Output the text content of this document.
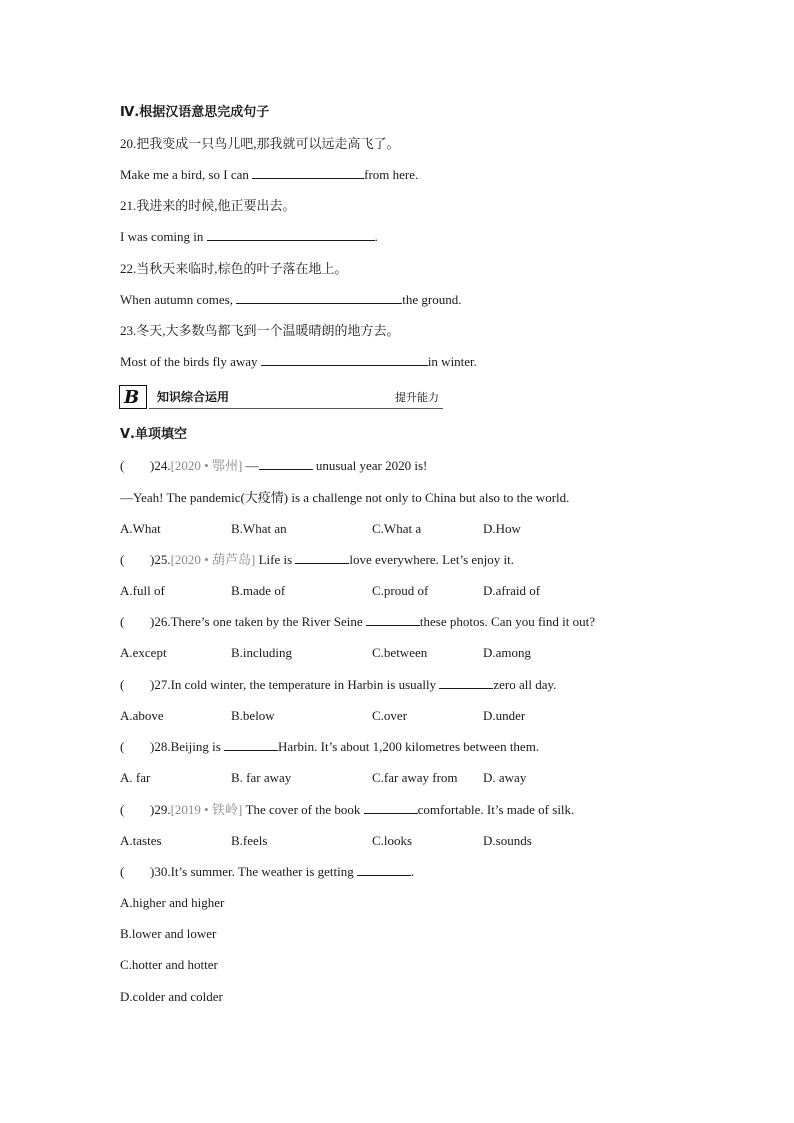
Ⅳ.根据汉语意思完成句子
20.把我变成一只鸟儿吧,那我就可以远走高飞了。
Make me a bird, so I can	from here.
21.我进来的时候,他正要出去。
I was coming in	.
22.当秋天来临时,棕色的叶子落在地上。
When autumn comes,	the ground.
23.冬天,大多数鸟都飞到一个温暖晴朗的地方去。
Most of the birds fly away	in winter.
B 知识综合运用	提升能力
Ⅴ.单项填空
( )24.[2020 • 鄂州] —	unusual year 2020 is!
—Yeah! The pandemic(大疫情) is a challenge not only to China but also to the world.
A.What	B.What an	C.What a	D.How
( )25.[2020 • 葫芦岛] Life is	love everywhere. Let’s enjoy it.
A.full of	B.made of	C.proud of	D.afraid of
( )26.There’s one taken by the River Seine	these photos. Can you find it out?
A.except	B.including	C.between	D.among
( )27.In cold winter, the temperature in Harbin is usually	zero all day.
A.above	B.below	C.over	D.under
( )28.Beijing is	Harbin. It’s about 1,200 kilometres between them.
A. far	B. far away	C.far away from D. away
( )29.[2019 • 铁岭] The cover of the book	comfortable. It’s made of silk.
A.tastes	B.feels	C.looks	D.sounds
( )30.It’s summer. The weather is getting	.
A.higher and higher
B.lower and lower
C.hotter and hotter
D.colder and colder
